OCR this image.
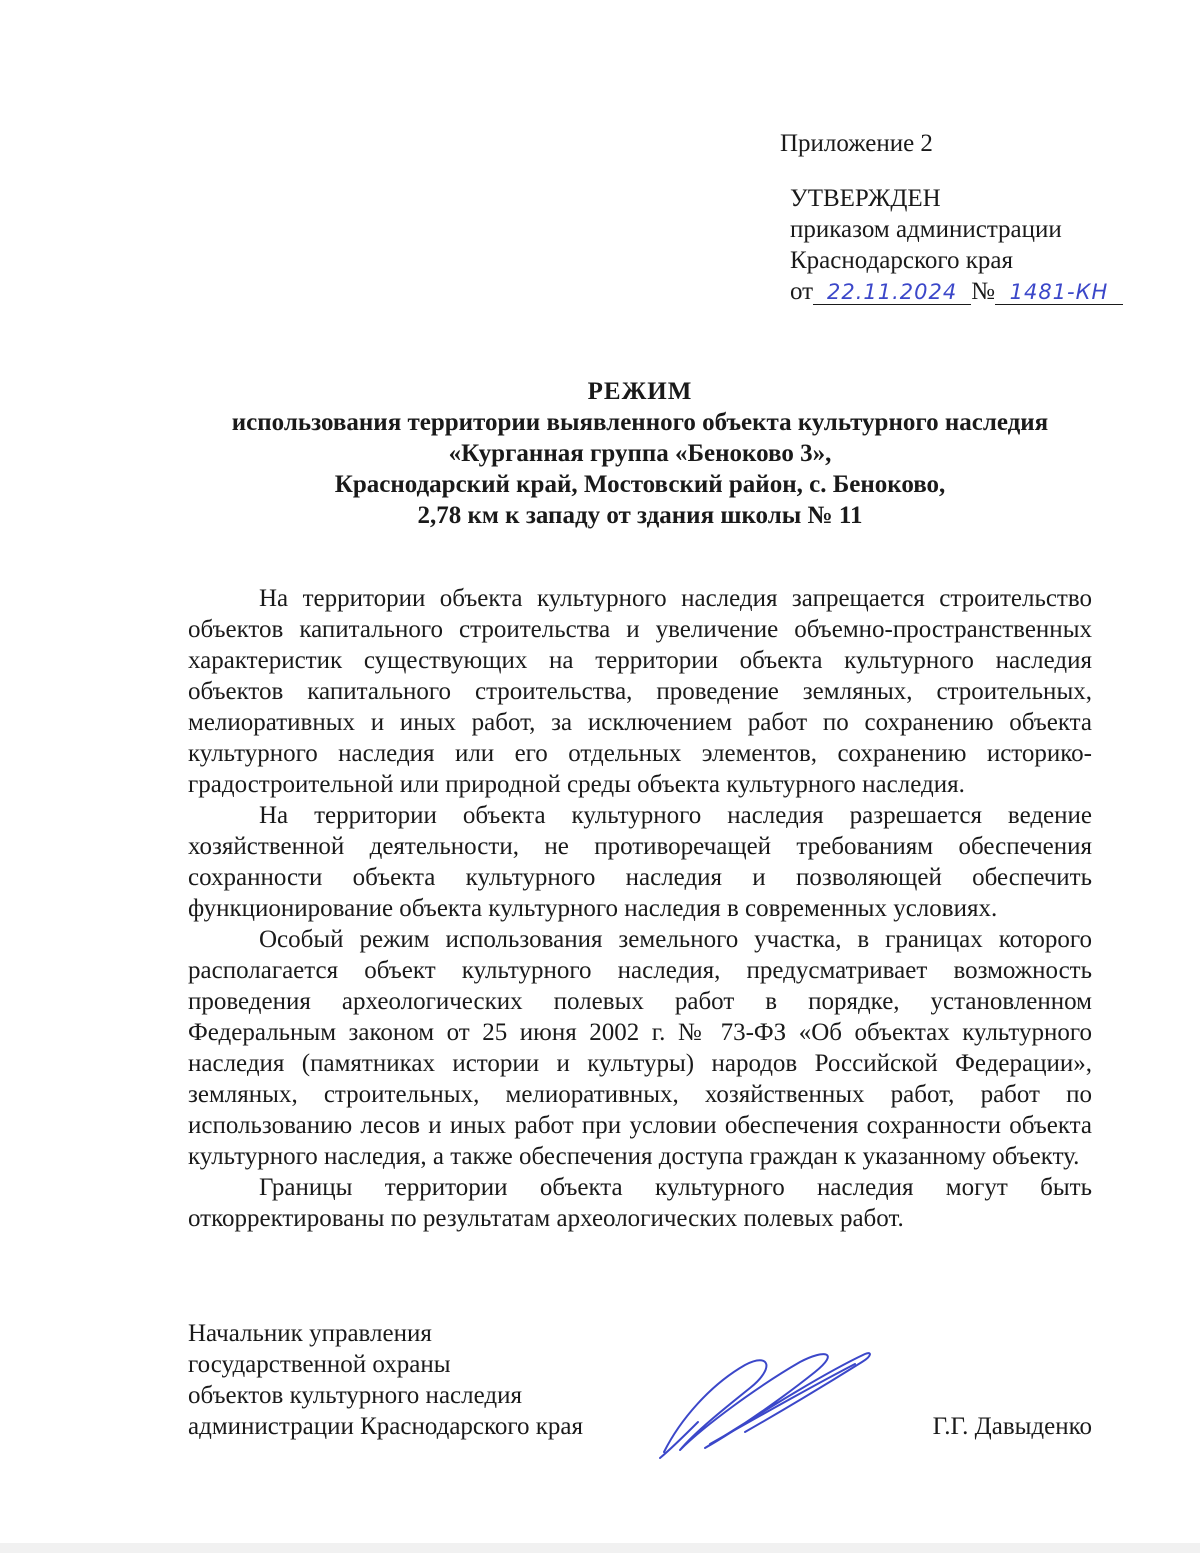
Приложение 2
УТВЕРЖДЕН
приказом администрации
Краснодарского края
от 22.11.2024 № 1481-КН
РЕЖИМ
использования территории выявленного объекта культурного наследия
«Курганная группа «Беноково 3»,
Краснодарский край, Мостовский район, с. Беноково,
2,78 км к западу от здания школы № 11

На территории объекта культурного наследия запрещается строительство объектов капитального строительства и увеличение объемно-пространственных характеристик существующих на территории объекта культурного наследия объектов капитального строительства, проведение земляных, строительных, мелиоративных и иных работ, за исключением работ по сохранению объекта культурного наследия или его отдельных элементов, сохранению историко-градостроительной или природной среды объекта культурного наследия.

На территории объекта культурного наследия разрешается ведение хозяйственной деятельности, не противоречащей требованиям обеспечения сохранности объекта культурного наследия и позволяющей обеспечить функционирование объекта культурного наследия в современных условиях.

Особый режим использования земельного участка, в границах которого располагается объект культурного наследия, предусматривает возможность проведения археологических полевых работ в порядке, установленном Федеральным законом от 25 июня 2002 г. № 73-ФЗ «Об объектах культурного наследия (памятниках истории и культуры) народов Российской Федерации», земляных, строительных, мелиоративных, хозяйственных работ, работ по использованию лесов и иных работ при условии обеспечения сохранности объекта культурного наследия, а также обеспечения доступа граждан к указанному объекту.

Границы территории объекта культурного наследия могут быть откорректированы по результатам археологических полевых работ.

Начальник управления
государственной охраны
объектов культурного наследия
администрации Краснодарского края	Г.Г. Давыденко
